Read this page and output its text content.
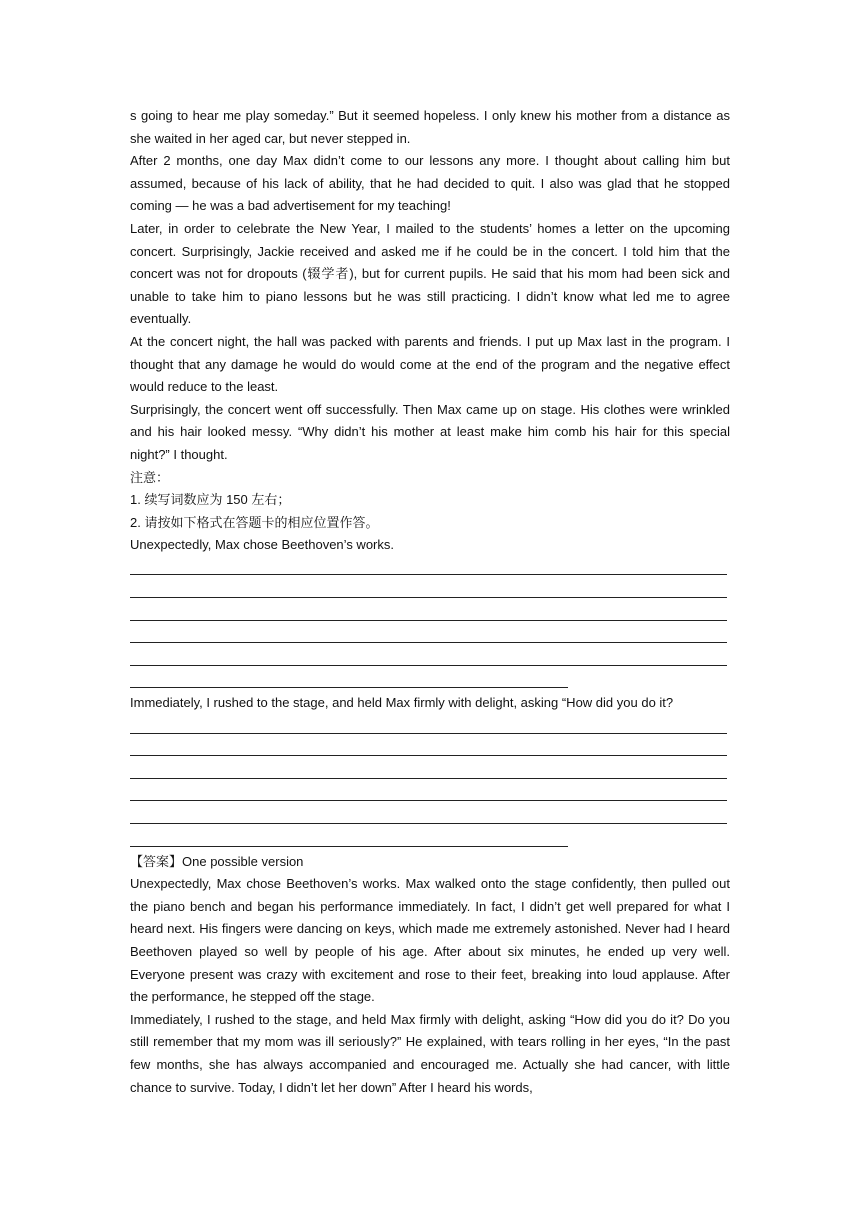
s going to hear me play someday.” But it seemed hopeless. I only knew his mother from a distance as she waited in her aged car, but never stepped in.

After 2 months, one day Max didn’t come to our lessons any more. I thought about calling him but assumed, because of his lack of ability, that he had decided to quit. I also was glad that he stopped coming — he was a bad advertisement for my teaching!

Later, in order to celebrate the New Year, I mailed to the students’ homes a letter on the upcoming concert. Surprisingly, Jackie received and asked me if he could be in the concert. I told him that the concert was not for dropouts (辍学者), but for current pupils. He said that his mom had been sick and unable to take him to piano lessons but he was still practicing. I didn’t know what led me to agree eventually.

At the concert night, the hall was packed with parents and friends. I put up Max last in the program. I thought that any damage he would do would come at the end of the program and the negative effect would reduce to the least.

Surprisingly, the concert went off successfully. Then Max came up on stage. His clothes were wrinkled and his hair looked messy. “Why didn’t his mother at least make him comb his hair for this special night?” I thought.

注意：

1. 续写词数应为 150 左右；

2. 请按如下格式在答题卡的相应位置作答。

Unexpectedly, Max chose Beethoven’s works.

Immediately, I rushed to the stage, and held Max firmly with delight, asking “How did you do it?

【答案】One possible version

Unexpectedly, Max chose Beethoven’s works. Max walked onto the stage confidently, then pulled out the piano bench and began his performance immediately. In fact, I didn’t get well prepared for what I heard next. His fingers were dancing on keys, which made me extremely astonished. Never had I heard Beethoven played so well by people of his age. After about six minutes, he ended up very well. Everyone present was crazy with excitement and rose to their feet, breaking into loud applause. After the performance, he stepped off the stage.

Immediately, I rushed to the stage, and held Max firmly with delight, asking “How did you do it? Do you still remember that my mom was ill seriously?” He explained, with tears rolling in her eyes, “In the past few months, she has always accompanied and encouraged me. Actually she had cancer, with little chance to survive. Today, I didn’t let her down” After I heard his words,
